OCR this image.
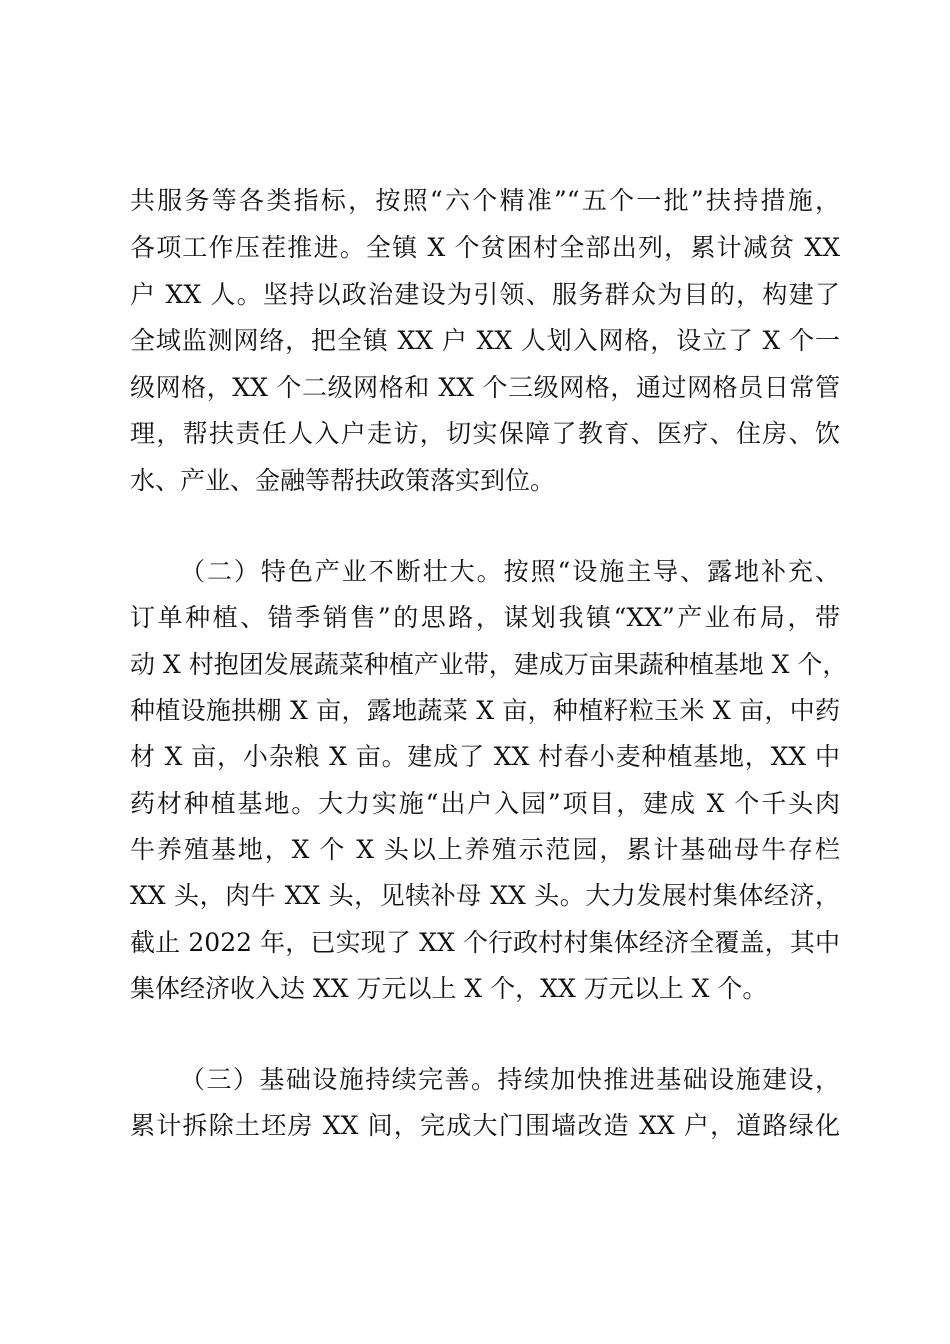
共服务等各类指标，按照“六个精准”“五个一批”扶持措施，
各项工作压茬推进。全镇 X 个贫困村全部出列，累计减贫 XX
户 XX 人。坚持以政治建设为引领、服务群众为目的，构建了
全域监测网络，把全镇 XX 户 XX 人划入网格，设立了 X 个一
级网格，XX 个二级网格和 XX 个三级网格，通过网格员日常管
理，帮扶责任人入户走访，切实保障了教育、医疗、住房、饮
水、产业、金融等帮扶政策落实到位。
（二）特色产业不断壮大。按照“设施主导、露地补充、
订单种植、错季销售”的思路，谋划我镇“XX”产业布局，带
动 X 村抱团发展蔬菜种植产业带，建成万亩果蔬种植基地 X 个，
种植设施拱棚 X 亩，露地蔬菜 X 亩，种植籽粒玉米 X 亩，中药
材 X 亩，小杂粮 X 亩。建成了 XX 村春小麦种植基地，XX 中
药材种植基地。大力实施“出户入园”项目，建成 X 个千头肉
牛养殖基地，X 个 X 头以上养殖示范园，累计基础母牛存栏
XX 头，肉牛 XX 头，见犊补母 XX 头。大力发展村集体经济，
截止 2022 年，已实现了 XX 个行政村村集体经济全覆盖，其中
集体经济收入达 XX 万元以上 X 个，XX 万元以上 X 个。
（三）基础设施持续完善。持续加快推进基础设施建设，
累计拆除土坯房 XX 间，完成大门围墙改造 XX 户，道路绿化
